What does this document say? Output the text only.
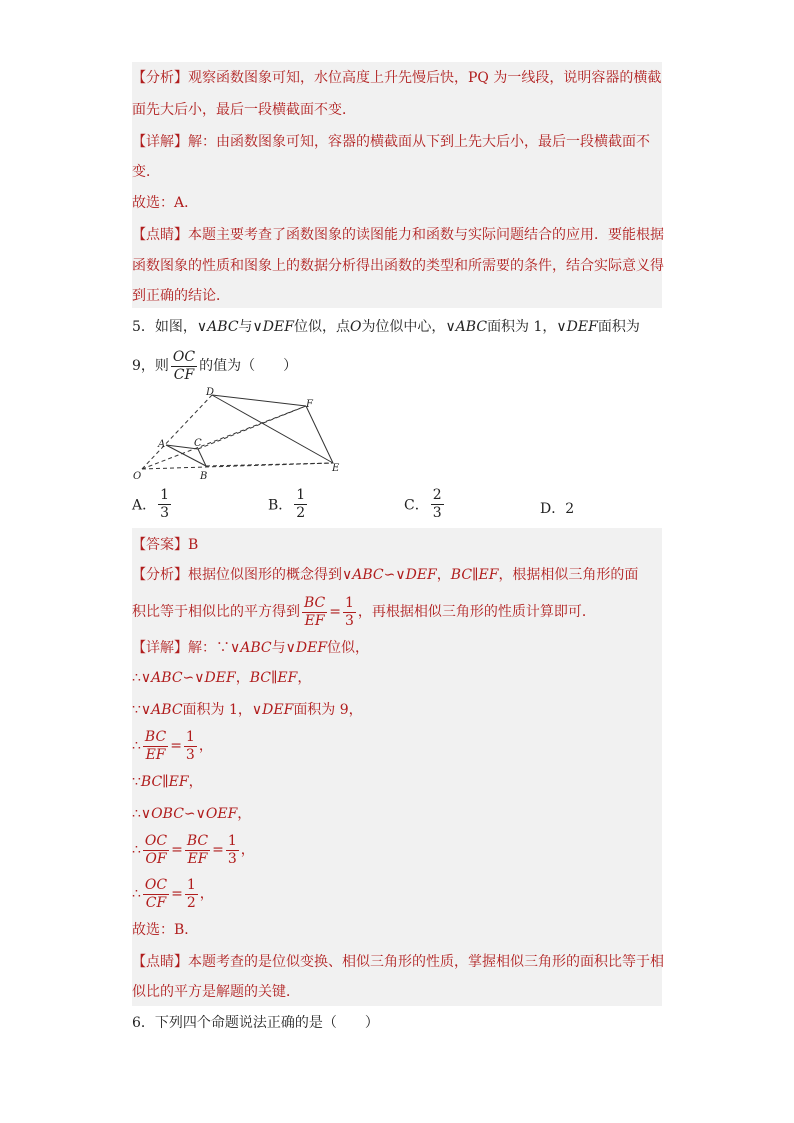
【分析】观察函数图象可知，水位高度上升先慢后快，PQ 为一线段，说明容器的横截
面先大后小，最后一段横截面不变．
【详解】解：由函数图象可知，容器的横截面从下到上先大后小，最后一段横截面不
变．
故选：A．
【点睛】本题主要考查了函数图象的读图能力和函数与实际问题结合的应用．要能根据
函数图象的性质和图象上的数据分析得出函数的类型和所需要的条件，结合实际意义得
到正确的结论．
5．如图，∨ABC与∨DEF位似，点O为位似中心，∨ABC面积为 1，∨DEF面积为
9，则 $\frac{OC}{CF}$ 的值为（　　）
D
F
A	C
O	B
E
A． $\frac{1}{3}$	B． $\frac{1}{2}$	C． $\frac{2}{3}$	D．2
【答案】B
【分析】根据位似图形的概念得到∨ABC∽∨DEF，BC∥EF，根据相似三角形的面
积比等于相似比的平方得到 $\frac{BC}{EF} = \frac{1}{3}$ ，再根据相似三角形的性质计算即可．
【详解】解：∵∨ABC与∨DEF位似，
∴∨ABC∽∨DEF，BC∥EF，
∵∨ABC面积为 1，∨DEF面积为 9，
∴ $\frac{BC}{EF} = \frac{1}{3}$ ，
∵BC∥EF，
∴∨OBC∽∨OEF，
∴ $\frac{OC}{OF} = \frac{BC}{EF} = \frac{1}{3}$ ，
∴ $\frac{OC}{CF} = \frac{1}{2}$ ，
故选：B．
【点睛】本题考查的是位似变换、相似三角形的性质，掌握相似三角形的面积比等于相
似比的平方是解题的关键．
6．下列四个命题说法正确的是（　　）
